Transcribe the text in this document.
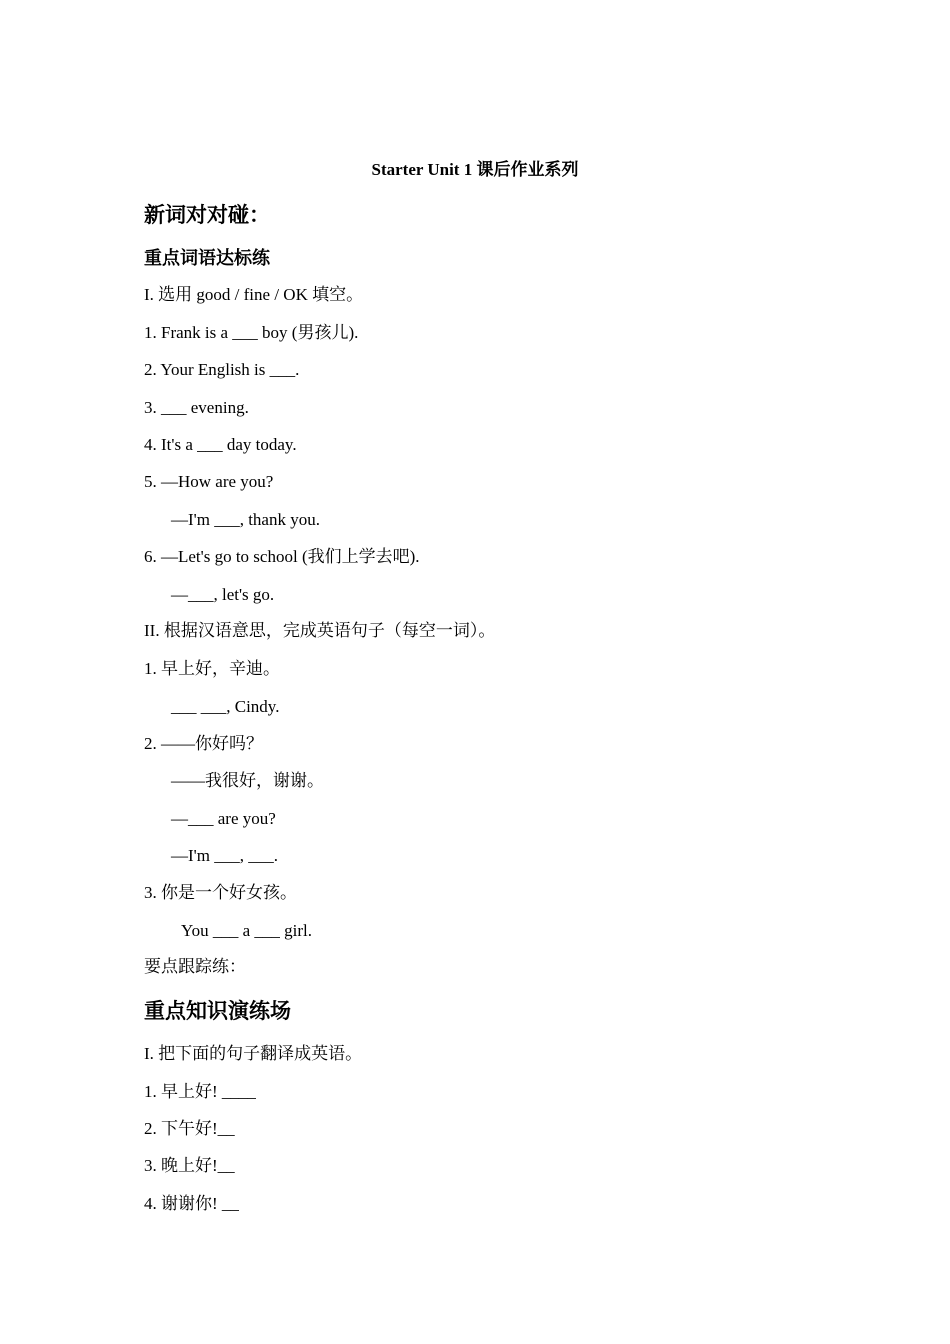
Starter Unit 1 课后作业系列
新词对对碰：
重点词语达标练
I. 选用 good / fine / OK 填空。
1. Frank is a ___ boy (男孩儿).
2. Your English is ___.
3. ___ evening.
4. It's a ___ day today.
5. —How are you?
—I'm ___, thank you.
6. —Let's go to school (我们上学去吧).
—___, let's go.
II. 根据汉语意思，完成英语句子（每空一词）。
1. 早上好，辛迪。
___ ___, Cindy.
2. ——你好吗？
——我很好，谢谢。
—___ are you?
—I'm ___, ___.
3. 你是一个好女孩。
You ___ a ___ girl.
要点跟踪练：
重点知识演练场
I. 把下面的句子翻译成英语。
1. 早上好! ____
2. 下午好!__
3. 晚上好!__
4. 谢谢你! __
